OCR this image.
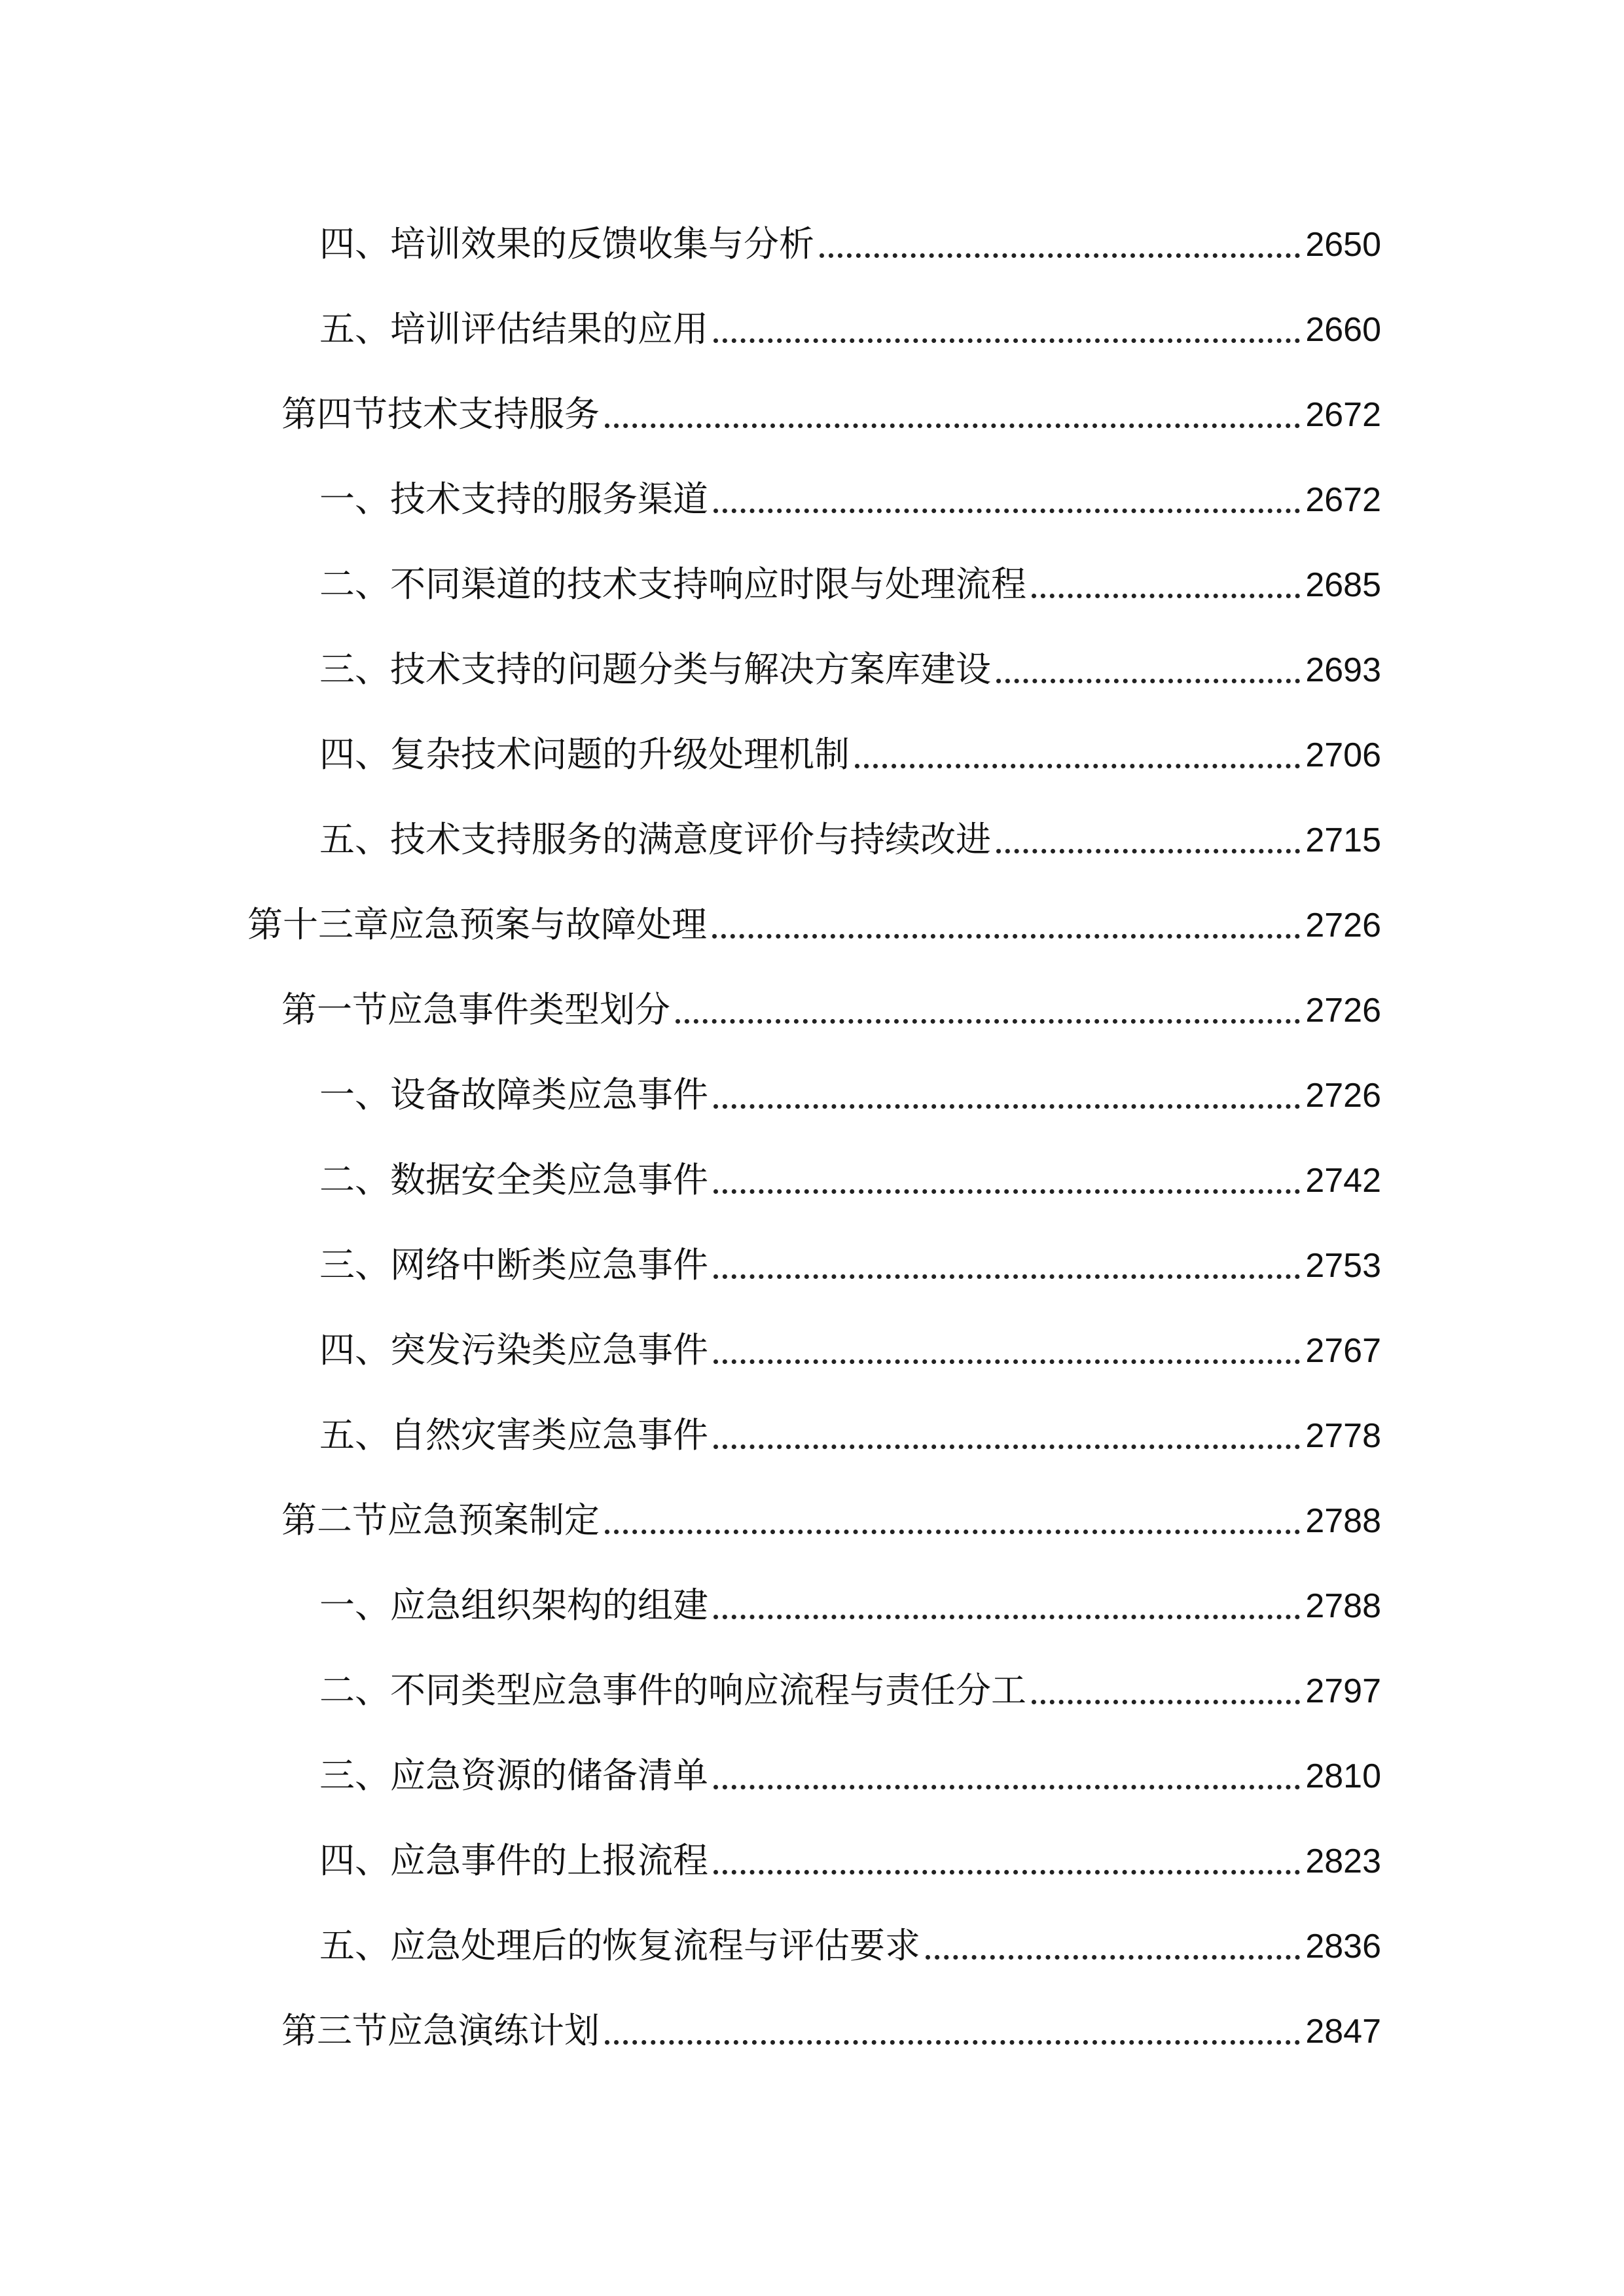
四、培训效果的反馈收集与分析	2650
五、培训评估结果的应用	2660
第四节技术支持服务	2672
一、技术支持的服务渠道	2672
二、不同渠道的技术支持响应时限与处理流程	2685
三、技术支持的问题分类与解决方案库建设	2693
四、复杂技术问题的升级处理机制	2706
五、技术支持服务的满意度评价与持续改进	2715
第十三章应急预案与故障处理	2726
第一节应急事件类型划分	2726
一、设备故障类应急事件	2726
二、数据安全类应急事件	2742
三、网络中断类应急事件	2753
四、突发污染类应急事件	2767
五、自然灾害类应急事件	2778
第二节应急预案制定	2788
一、应急组织架构的组建	2788
二、不同类型应急事件的响应流程与责任分工	2797
三、应急资源的储备清单	2810
四、应急事件的上报流程	2823
五、应急处理后的恢复流程与评估要求	2836
第三节应急演练计划	2847
